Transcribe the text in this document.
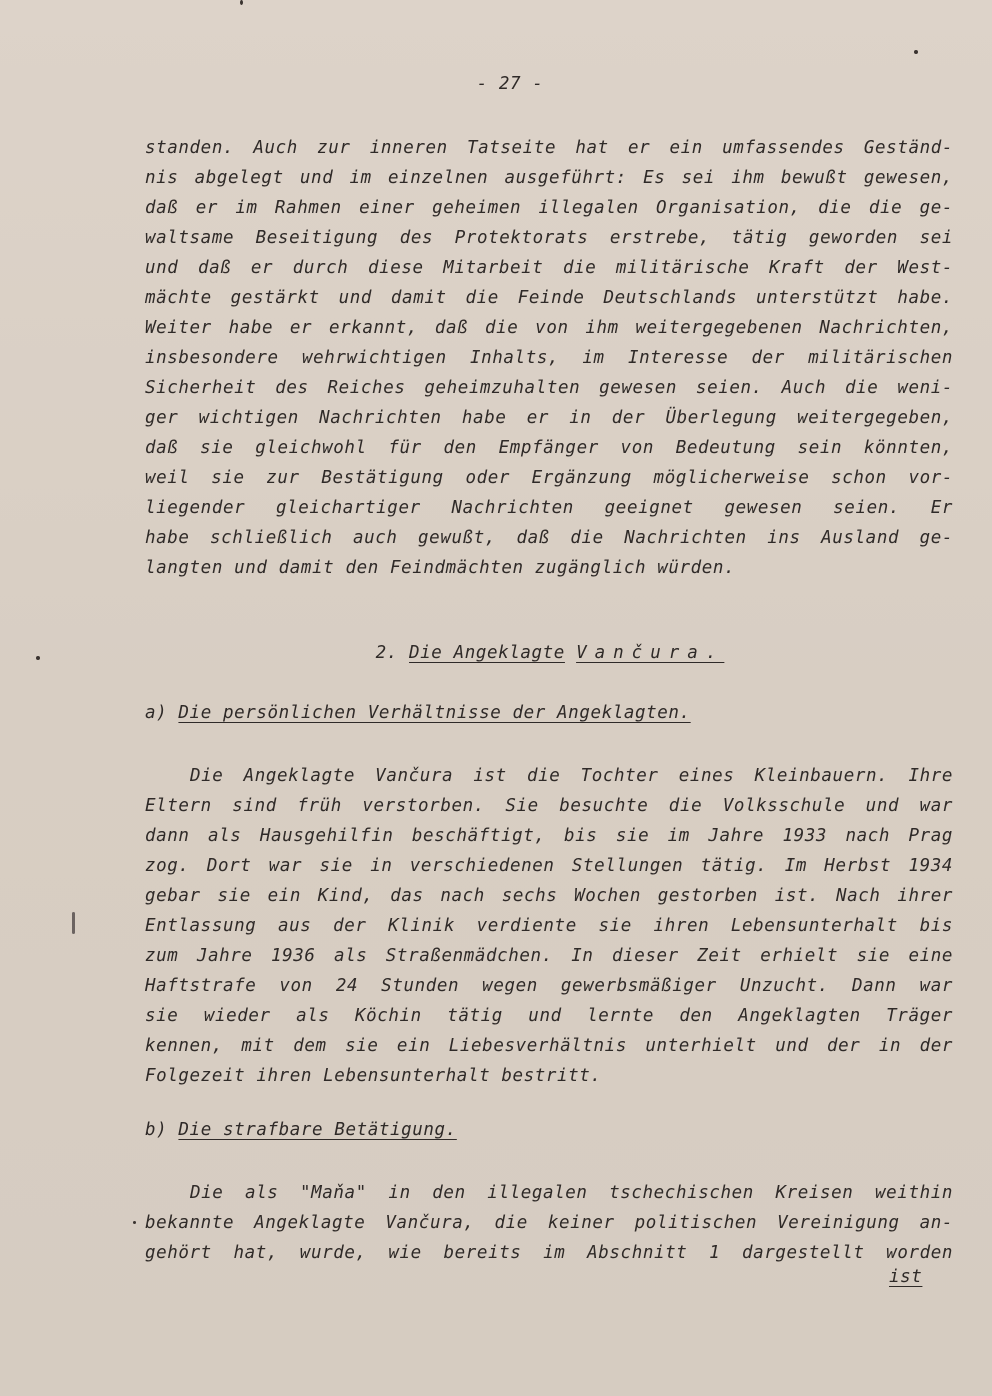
- 27 -
standen. Auch zur inneren Tatseite hat er ein umfassendes Geständ-
nis abgelegt und im einzelnen ausgeführt: Es sei ihm bewußt gewesen,
daß er im Rahmen einer geheimen illegalen Organisation, die die ge-
waltsame Beseitigung des Protektorats erstrebe, tätig geworden sei
und daß er durch diese Mitarbeit die militärische Kraft der West-
mächte gestärkt und damit die Feinde Deutschlands unterstützt habe.
Weiter habe er erkannt, daß die von ihm weitergegebenen Nachrichten,
insbesondere wehrwichtigen Inhalts, im Interesse der militärischen
Sicherheit des Reiches geheimzuhalten gewesen seien. Auch die weni-
ger wichtigen Nachrichten habe er in der Überlegung weitergegeben,
daß sie gleichwohl für den Empfänger von Bedeutung sein könnten,
weil sie zur Bestätigung oder Ergänzung möglicherweise schon vor-
liegender gleichartiger Nachrichten geeignet gewesen seien. Er
habe schließlich auch gewußt, daß die Nachrichten ins Ausland ge-
langten und damit den Feindmächten zugänglich würden.
2. Die Angeklagte Vančura.
a) Die persönlichen Verhältnisse der Angeklagten.
Die Angeklagte Vančura ist die Tochter eines Kleinbauern. Ihre
Eltern sind früh verstorben. Sie besuchte die Volksschule und war
dann als Hausgehilfin beschäftigt, bis sie im Jahre 1933 nach Prag
zog. Dort war sie in verschiedenen Stellungen tätig. Im Herbst 1934
gebar sie ein Kind, das nach sechs Wochen gestorben ist. Nach ihrer
Entlassung aus der Klinik verdiente sie ihren Lebensunterhalt bis
zum Jahre 1936 als Straßenmädchen. In dieser Zeit erhielt sie eine
Haftstrafe von 24 Stunden wegen gewerbsmäßiger Unzucht. Dann war
sie wieder als Köchin tätig und lernte den Angeklagten Träger
kennen, mit dem sie ein Liebesverhältnis unterhielt und der in der
Folgezeit ihren Lebensunterhalt bestritt.
b) Die strafbare Betätigung.
Die als "Maňa" in den illegalen tschechischen Kreisen weithin
bekannte Angeklagte Vančura, die keiner politischen Vereinigung an-
gehört hat, wurde, wie bereits im Abschnitt 1 dargestellt worden
ist
